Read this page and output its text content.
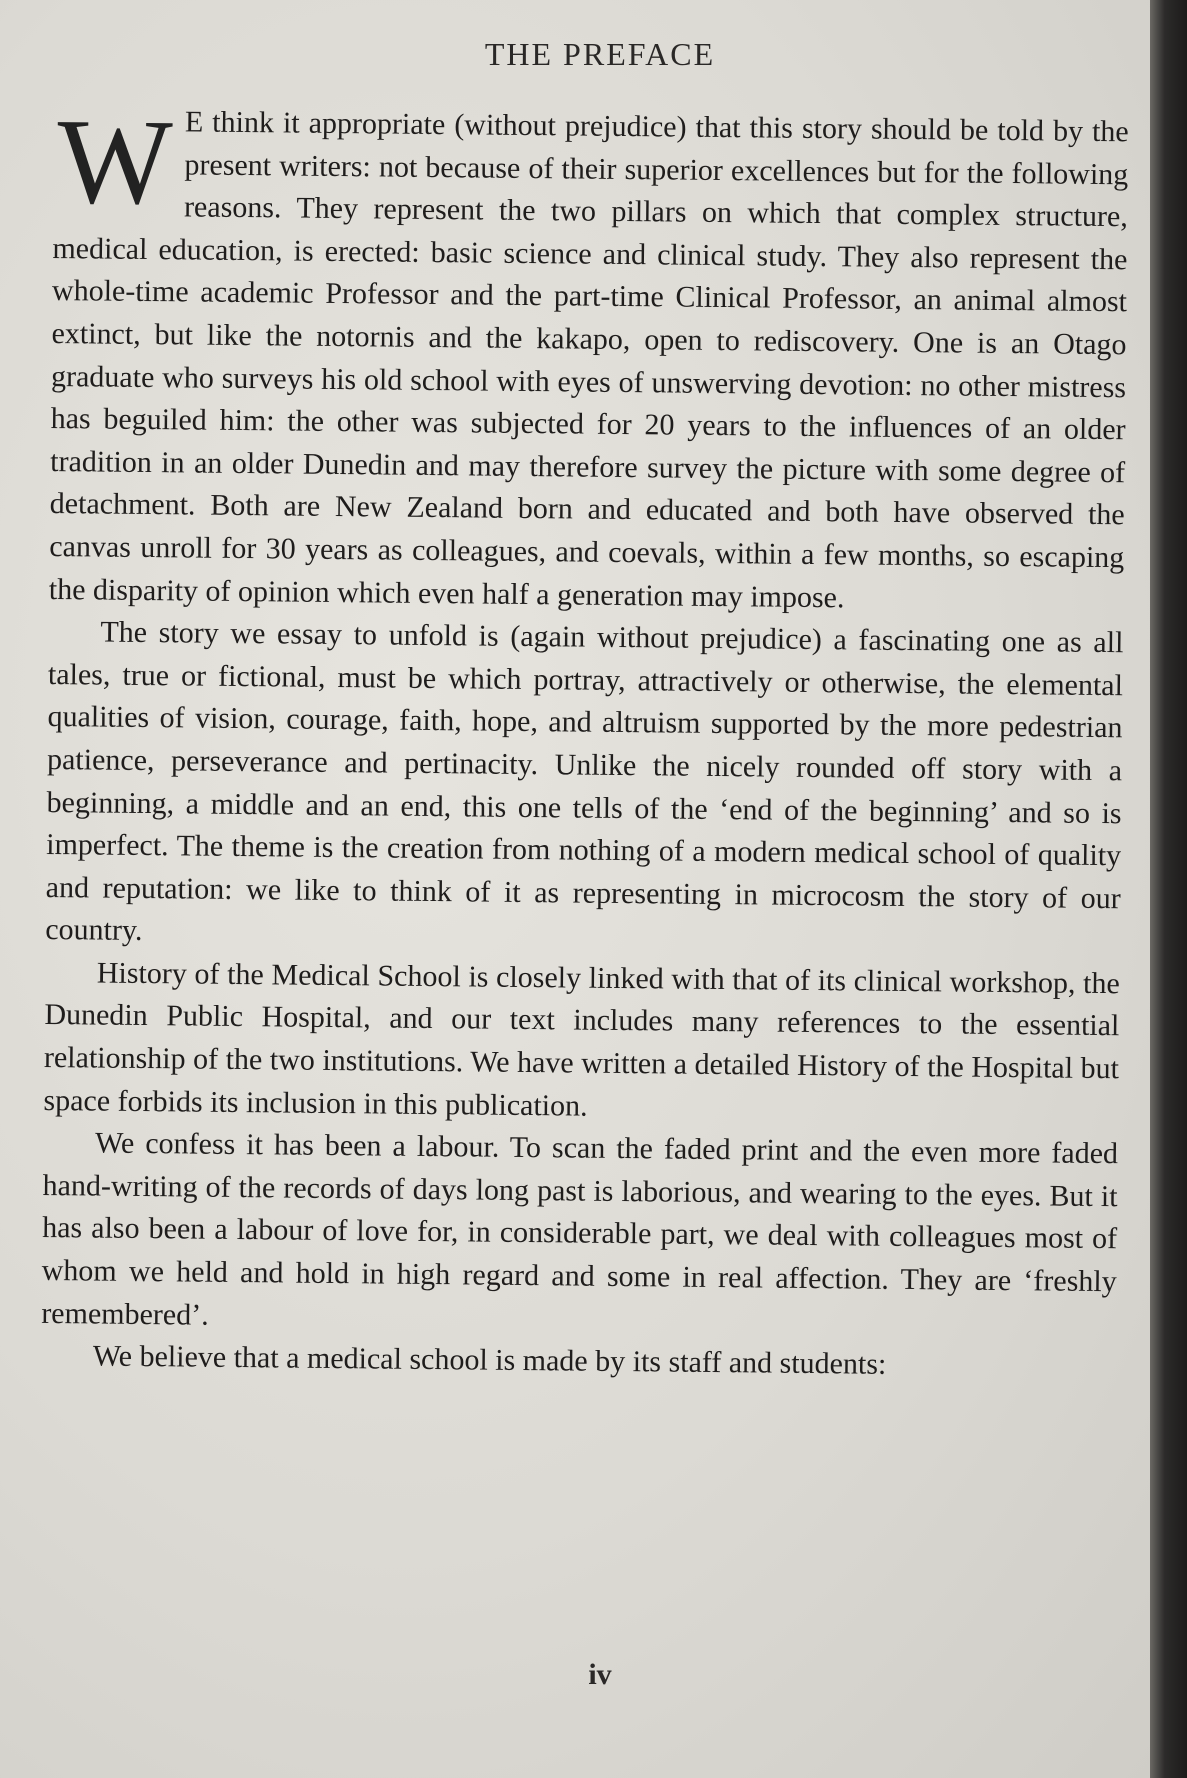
THE PREFACE

W E think it appropriate (without prejudice) that this story should be told by the present writers: not because of their superior excellences but for the following reasons. They represent the two pillars on which that complex structure, medical education, is erected: basic science and clinical study. They also represent the whole-time academic Professor and the part-time Clinical Professor, an animal almost extinct, but like the notornis and the kakapo, open to rediscovery. One is an Otago graduate who surveys his old school with eyes of unswerving devotion: no other mistress has beguiled him: the other was subjected for 20 years to the influences of an older tradition in an older Dunedin and may therefore survey the picture with some degree of detachment. Both are New Zealand born and educated and both have observed the canvas unroll for 30 years as colleagues, and coevals, within a few months, so escaping the disparity of opinion which even half a generation may impose.

The story we essay to unfold is (again without prejudice) a fascinating one as all tales, true or fictional, must be which portray, attractively or otherwise, the elemental qualities of vision, courage, faith, hope, and altruism supported by the more pedestrian patience, perseverance and pertinacity. Unlike the nicely rounded off story with a beginning, a middle and an end, this one tells of the ‘end of the beginning’ and so is imperfect. The theme is the creation from nothing of a modern medical school of quality and reputation: we like to think of it as representing in microcosm the story of our country.

History of the Medical School is closely linked with that of its clinical workshop, the Dunedin Public Hospital, and our text includes many references to the essential relationship of the two institutions. We have written a detailed History of the Hospital but space forbids its inclusion in this publication.

We confess it has been a labour. To scan the faded print and the even more faded hand-writing of the records of days long past is laborious, and wearing to the eyes. But it has also been a labour of love for, in considerable part, we deal with colleagues most of whom we held and hold in high regard and some in real affection. They are ‘freshly remembered’.

We believe that a medical school is made by its staff and students:

iv
